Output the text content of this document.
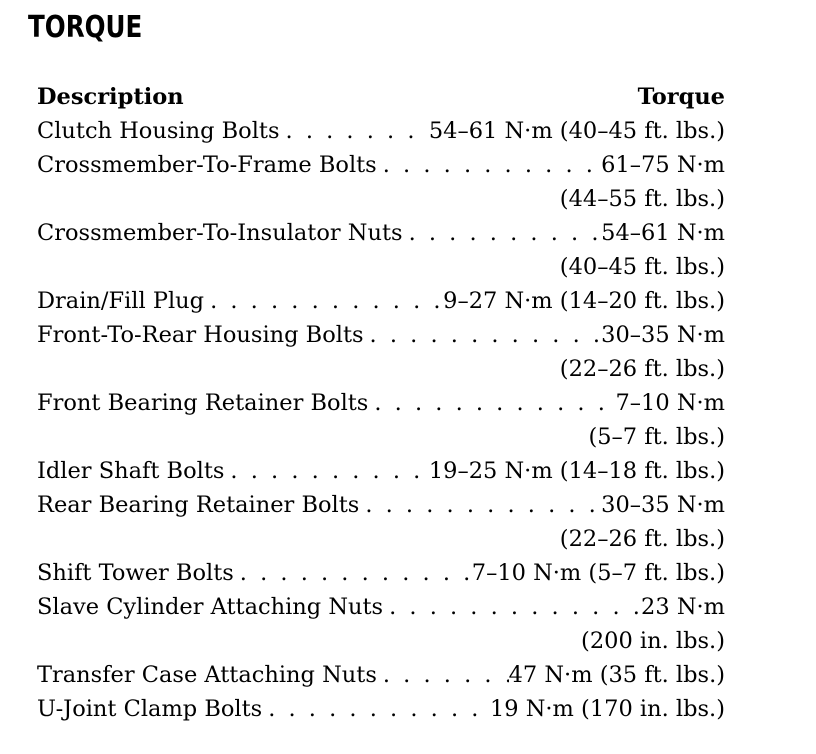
TORQUE
Description	Torque
Clutch Housing Bolts . . .	54–61 N·m (40–45 ft. lbs.)
Crossmember-To-Frame Bolts . . .	61–75 N·m
(44–55 ft. lbs.)
Crossmember-To-Insulator Nuts . . .	54–61 N·m
(40–45 ft. lbs.)
Drain/Fill Plug . . .	9–27 N·m (14–20 ft. lbs.)
Front-To-Rear Housing Bolts . . .	30–35 N·m
(22–26 ft. lbs.)
Front Bearing Retainer Bolts . . .	7–10 N·m
(5–7 ft. lbs.)
Idler Shaft Bolts . . .	19–25 N·m (14–18 ft. lbs.)
Rear Bearing Retainer Bolts . . .	30–35 N·m
(22–26 ft. lbs.)
Shift Tower Bolts . . .	7–10 N·m (5–7 ft. lbs.)
Slave Cylinder Attaching Nuts . . .	23 N·m
(200 in. lbs.)
Transfer Case Attaching Nuts . . .	47 N·m (35 ft. lbs.)
U-Joint Clamp Bolts . . .	19 N·m (170 in. lbs.)
